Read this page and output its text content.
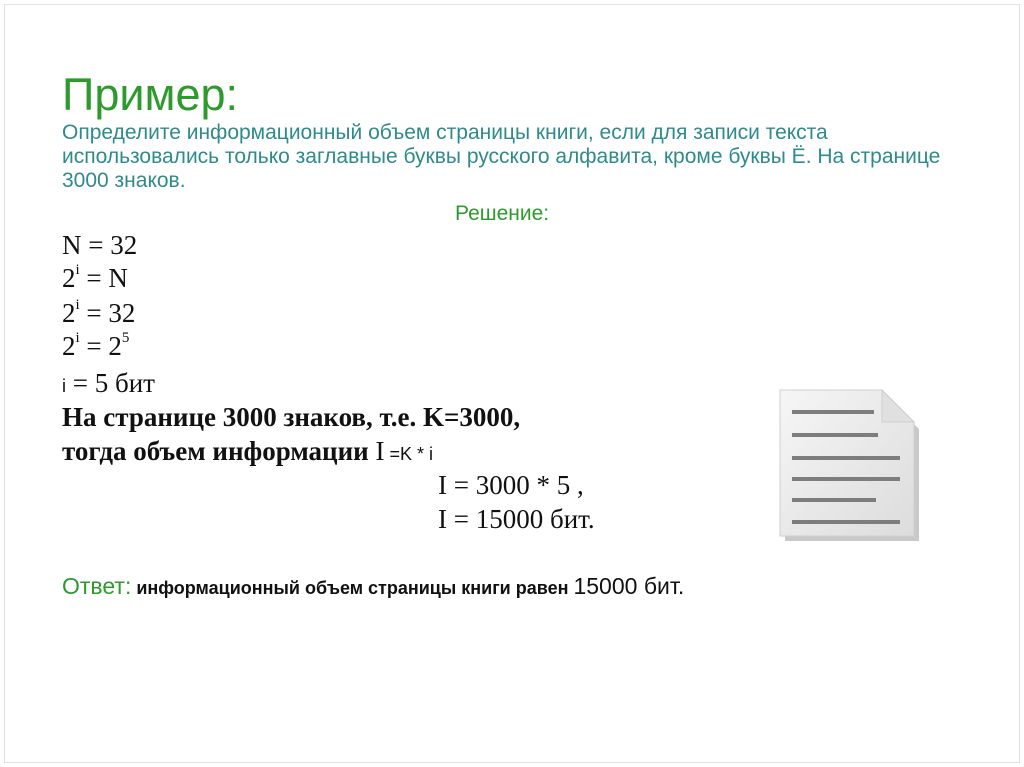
Пример:
Определите информационный объем страницы книги, если для записи текста использовались только заглавные буквы русского алфавита, кроме буквы Ё. На странице 3000 знаков.
Решение:
N = 32
$2^i = N$
$2^i = 32$
$2^i = 2^5$
i = 5 бит
На странице 3000 знаков, т.е. K=3000,
тогда объем информации I =K * i
I = 3000 * 5 ,
I = 15000 бит.
Ответ: информационный объем страницы книги равен 15000 бит.
